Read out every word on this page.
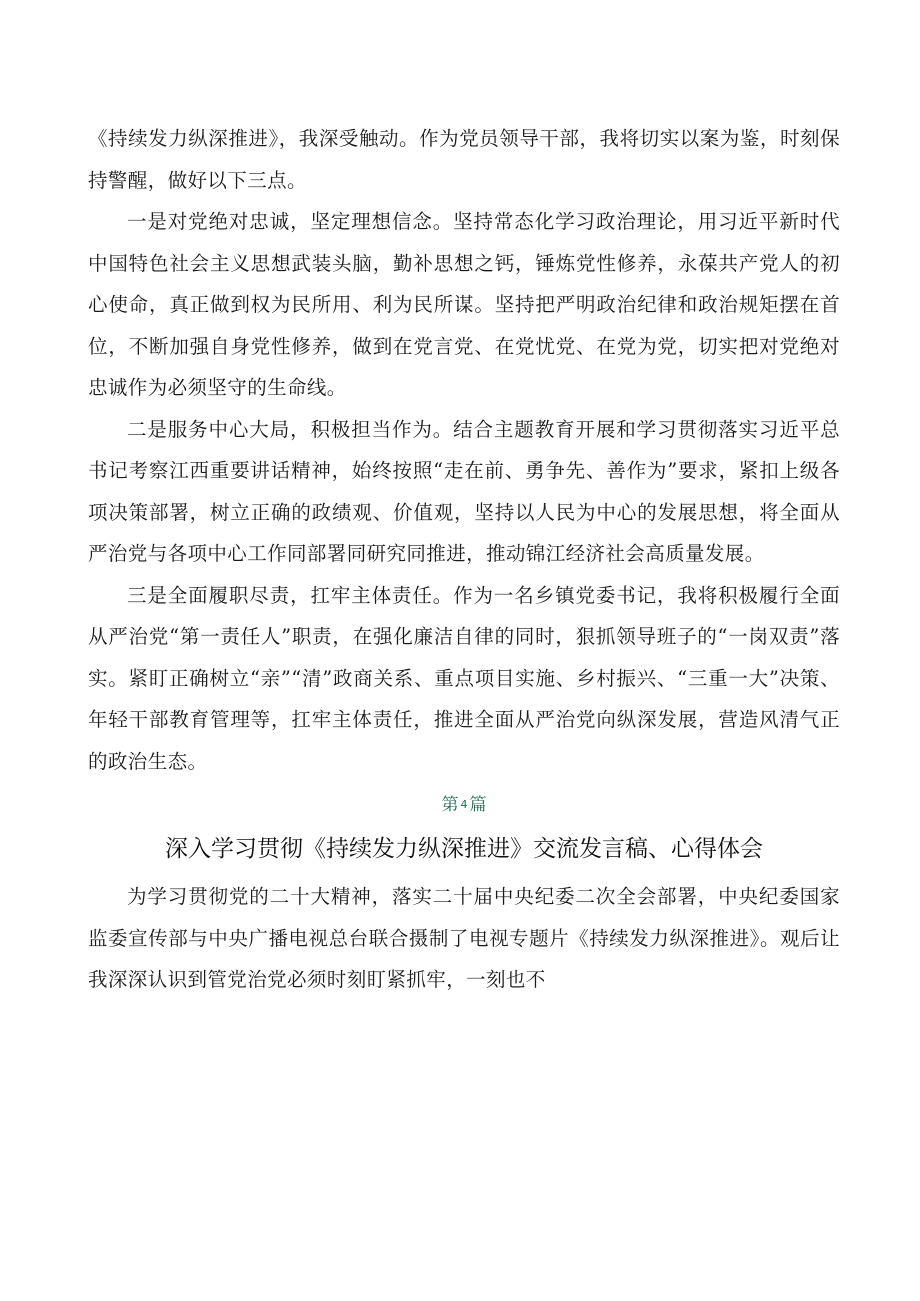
《持续发力纵深推进》，我深受触动。作为党员领导干部，我将切实以案为鉴，时刻保持警醒，做好以下三点。

一是对党绝对忠诚，坚定理想信念。坚持常态化学习政治理论，用习近平新时代中国特色社会主义思想武装头脑，勤补思想之钙，锤炼党性修养，永葆共产党人的初心使命，真正做到权为民所用、利为民所谋。坚持把严明政治纪律和政治规矩摆在首位，不断加强自身党性修养，做到在党言党、在党忧党、在党为党，切实把对党绝对忠诚作为必须坚守的生命线。

二是服务中心大局，积极担当作为。结合主题教育开展和学习贯彻落实习近平总书记考察江西重要讲话精神，始终按照“走在前、勇争先、善作为”要求，紧扣上级各项决策部署，树立正确的政绩观、价值观，坚持以人民为中心的发展思想，将全面从严治党与各项中心工作同部署同研究同推进，推动锦江经济社会高质量发展。

三是全面履职尽责，扛牢主体责任。作为一名乡镇党委书记，我将积极履行全面从严治党“第一责任人”职责，在强化廉洁自律的同时，狠抓领导班子的“一岗双责”落实。紧盯正确树立“亲”“清”政商关系、重点项目实施、乡村振兴、“三重一大”决策、年轻干部教育管理等，扛牢主体责任，推进全面从严治党向纵深发展，营造风清气正的政治生态。

第 4 篇
深入学习贯彻《持续发力纵深推进》交流发言稿、心得体会

为学习贯彻党的二十大精神，落实二十届中央纪委二次全会部署，中央纪委国家监委宣传部与中央广播电视总台联合摄制了电视专题片《持续发力纵深推进》。观后让我深深认识到管党治党必须时刻盯紧抓牢，一刻也不
